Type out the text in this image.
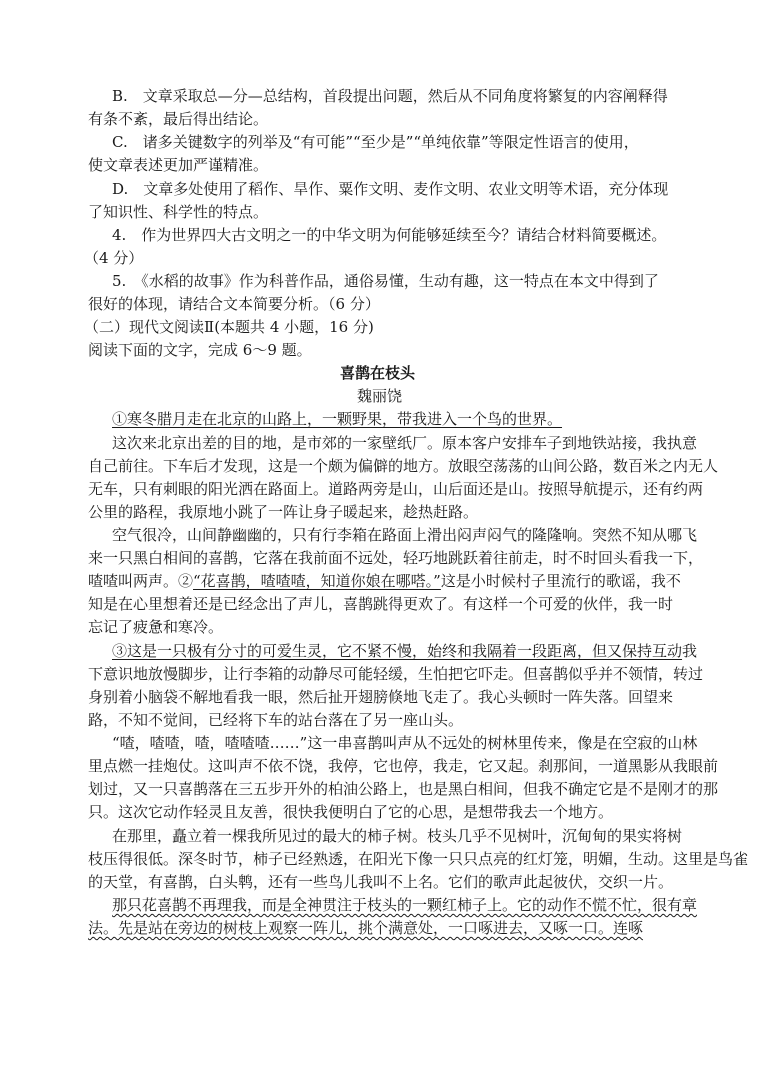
B.　文章采取总—分—总结构，首段提出问题，然后从不同角度将繁复的内容阐释得
有条不紊，最后得出结论。
C.　诸多关键数字的列举及“有可能”“至少是”“单纯依靠”等限定性语言的使用，
使文章表述更加严谨精准。
D.　文章多处使用了稻作、旱作、粟作文明、麦作文明、农业文明等术语，充分体现
了知识性、科学性的特点。
4.　作为世界四大古文明之一的中华文明为何能够延续至今？请结合材料简要概述。
（4 分）
5.　《水稻的故事》作为科普作品，通俗易懂，生动有趣，这一特点在本文中得到了
很好的体现，请结合文本简要分析。（6 分）
（二）现代文阅读Ⅱ(本题共 4 小题，16 分)
阅读下面的文字，完成 6～9 题。
喜鹊在枝头
魏丽饶
①寒冬腊月走在北京的山路上，一颗野果，带我进入一个鸟的世界。
这次来北京出差的目的地，是市郊的一家壁纸厂。原本客户安排车子到地铁站接，我执意
自己前往。下车后才发现，这是一个颇为偏僻的地方。放眼空荡荡的山间公路，数百米之内无人
无车，只有刺眼的阳光洒在路面上。道路两旁是山，山后面还是山。按照导航提示，还有约两
公里的路程，我原地小跳了一阵让身子暖起来，趁热赶路。
空气很冷，山间静幽幽的，只有行李箱在路面上滑出闷声闷气的隆隆响。突然不知从哪飞
来一只黑白相间的喜鹊，它落在我前面不远处，轻巧地跳跃着往前走，时不时回头看我一下，
喳喳叫两声。②“花喜鹊，喳喳喳，知道你娘在哪嗒。”这是小时候村子里流行的歌谣，我不
知是在心里想着还是已经念出了声儿，喜鹊跳得更欢了。有这样一个可爱的伙伴，我一时
忘记了疲惫和寒冷。
③这是一只极有分寸的可爱生灵，它不紧不慢，始终和我隔着一段距离，但又保持互动我
下意识地放慢脚步，让行李箱的动静尽可能轻缓，生怕把它吓走。但喜鹊似乎并不领情，转过
身别着小脑袋不解地看我一眼，然后扯开翅膀倏地飞走了。我心头顿时一阵失落。回望来
路，不知不觉间，已经将下车的站台落在了另一座山头。
“喳，喳喳，喳，喳喳喳……”这一串喜鹊叫声从不远处的树林里传来，像是在空寂的山林
里点燃一挂炮仗。这叫声不依不饶，我停，它也停，我走，它又起。刹那间，一道黑影从我眼前
划过，又一只喜鹊落在三五步开外的柏油公路上，也是黑白相间，但我不确定它是不是刚才的那
只。这次它动作轻灵且友善，很快我便明白了它的心思，是想带我去一个地方。
在那里，矗立着一棵我所见过的最大的柿子树。枝头几乎不见树叶，沉甸甸的果实将树
枝压得很低。深冬时节，柿子已经熟透，在阳光下像一只只点亮的红灯笼，明媚，生动。这里是鸟雀
的天堂，有喜鹊，白头鹎，还有一些鸟儿我叫不上名。它们的歌声此起彼伏，交织一片。
那只花喜鹊不再理我，而是全神贯注于枝头的一颗红柿子上。它的动作不慌不忙，很有章
法。先是站在旁边的树枝上观察一阵儿，挑个满意处，一口啄进去，又啄一口。连啄
